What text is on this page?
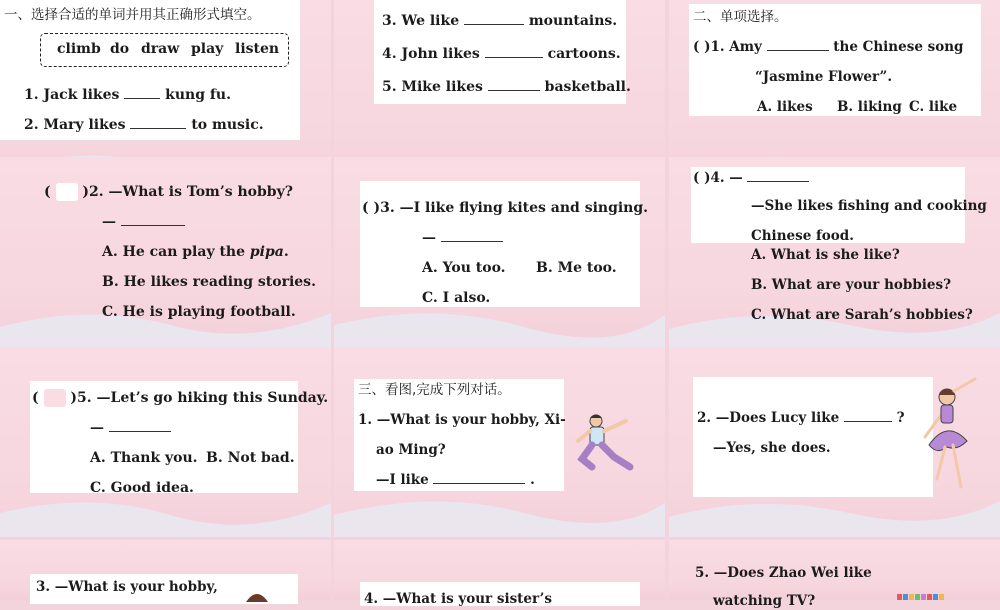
一、选择合适的单词并用其正确形式填空。
climb do draw play listen
1. Jack likes	kung fu.
2. Mary likes	to music.
3. We like	mountains.
4. John likes	cartoons.
5. Mike likes	basketball.
二、单项选择。
( )1. Amy	the Chinese song
“Jasmine Flower”.
A. likes B. liking C. like
( )2. —What is Tom’s hobby?
—
A. He can play the pipa.
B. He likes reading stories.
C. He is playing football.
( )3. —I like flying kites and singing.
—
A. You too. B. Me too.
C. I also.
( )4. —
—She likes fishing and cooking
Chinese food.
A. What is she like?
B. What are your hobbies?
C. What are Sarah’s hobbies?
( )5. —Let’s go hiking this Sunday.
—
A. Thank you. B. Not bad.
C. Good idea.
三、看图,完成下列对话。
1. —What is your hobby, Xi-
ao Ming?
—I like	.
2. —Does Lucy like	?
—Yes, she does.
3. —What is your hobby,
4. —What is your sister’s
5. —Does Zhao Wei like
watching TV?
